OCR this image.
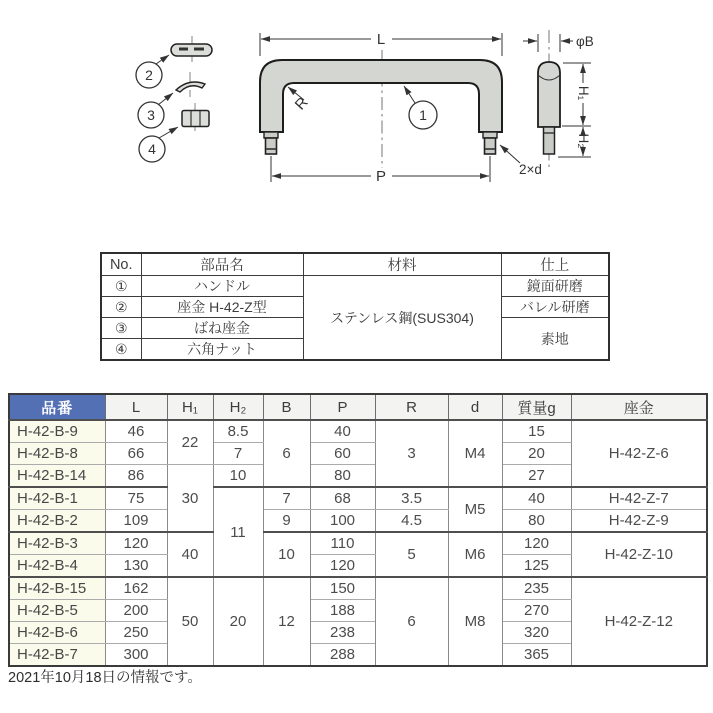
2
3
4
L
P
R
1
2×d
φB
H₁
H₂
No.	部品名	材料	仕上
①	ハンドル	ステンレス鋼(SUS304)	鏡面研磨
②	座金 H-42-Z型		バレル研磨
③	ばね座金		素地
④	六角ナット		
品番	L	H₁	H₂	B	P	R	d	質量g	座金
H-42-B-9	46	22	8.5	6	40	3	M4	15	H-42-Z-6
H-42-B-8	66		7		60			20	
H-42-B-14	86	30	10		80			27	
H-42-B-1	75		11	7	68	3.5	M5	40	H-42-Z-7
H-42-B-2	109			9	100	4.5		80	H-42-Z-9
H-42-B-3	120	40		10	110	5	M6	120	H-42-Z-10
H-42-B-4	130				120			125	
H-42-B-15	162	50	20	12	150	6	M8	235	H-42-Z-12
H-42-B-5	200				188			270	
H-42-B-6	250				238			320	
H-42-B-7	300				288			365	
2021年10月18日の情報です。
